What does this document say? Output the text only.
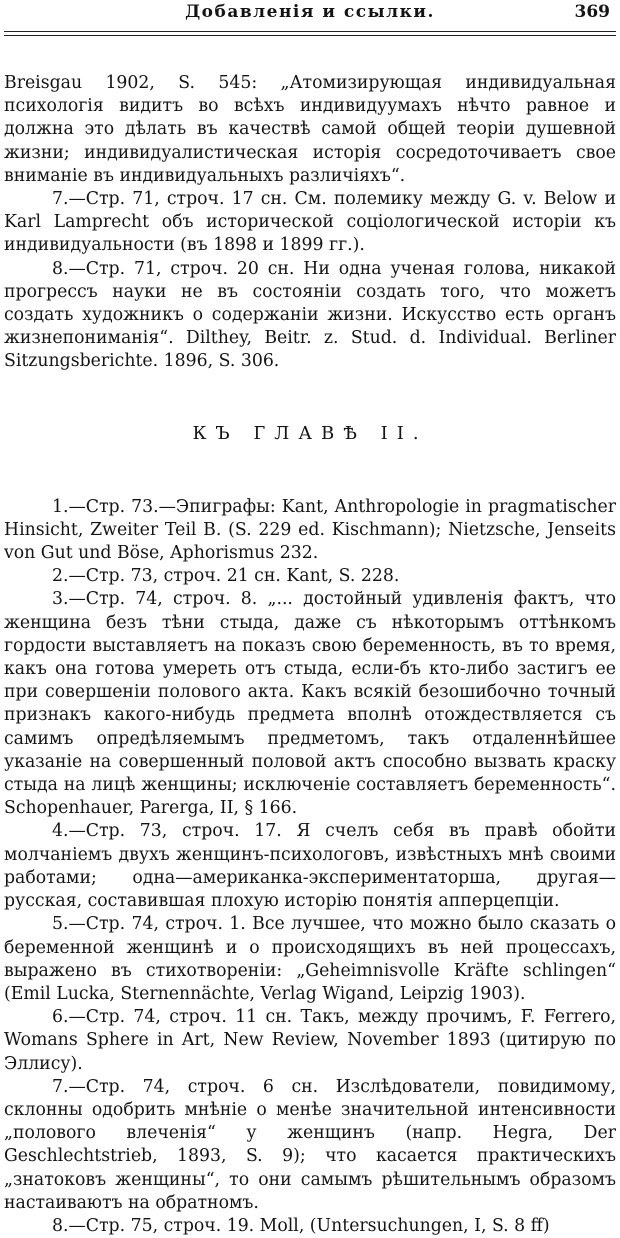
Добавленія и ссылки.	369

Breisgau 1902, S. 545: „Атомизирующая индивидуальная психологія видитъ во всѣхъ индивидуумахъ нѣчто равное и должна это дѣлать въ качествѣ самой общей теоріи душевной жизни; индивидуалистическая исторія сосредоточиваетъ свое вниманіе въ индивидуальныхъ различіяхъ“.

7.—Стр. 71, строч. 17 сн. См. полемику между G. v. Below и Karl Lamprecht объ исторической соціологической исторіи къ индивидуальности (въ 1898 и 1899 гг.).

8.—Стр. 71, строч. 20 сн. Ни одна ученая голова, никакой прогрессъ науки не въ состояніи создать того, что можетъ создать художникъ о содержаніи жизни. Искусство есть органъ жизнепониманія“. Dilthey, Beitr. z. Stud. d. Individual. Berliner Sitzungsberichte. 1896, S. 306.

КЪ ГЛАВѢ II.

1.—Стр. 73.—Эпиграфы: Kant, Anthropologie in pragmatischer Hinsicht, Zweiter Teil B. (S. 229 ed. Kischmann); Nietzsche, Jenseits von Gut und Böse, Aphorismus 232.

2.—Стр. 73, строч. 21 сн. Kant, S. 228.

3.—Стр. 74, строч. 8. „... достойный удивленія фактъ, что женщина безъ тѣни стыда, даже съ нѣкоторымъ оттѣнкомъ гордости выставляетъ на показъ свою беременность, въ то время, какъ она готова умереть отъ стыда, если-бъ кто-либо застигъ ее при совершеніи полового акта. Какъ всякій безошибочно точный признакъ какого-нибудь предмета вполнѣ отождествляется съ самимъ опредѣляемымъ предметомъ, такъ отдаленнѣйшее указаніе на совершенный половой актъ способно вызвать краску стыда на лицѣ женщины; исключеніе составляетъ беременность“. Schopenhauer, Parerga, II, § 166.

4.—Стр. 73, строч. 17. Я счелъ себя въ правѣ обойти молчаніемъ двухъ женщинъ-психологовъ, извѣстныхъ мнѣ своими работами; одна—американка-экспериментаторша, другая—русская, составившая плохую исторію понятія апперцепціи.

5.—Стр. 74, строч. 1. Все лучшее, что можно было сказать о беременной женщинѣ и о происходящихъ въ ней процессахъ, выражено въ стихотвореніи: „Geheimnisvolle Kräfte schlingen“ (Emil Lucka, Sternennächte, Verlag Wigand, Leipzig 1903).

6.—Стр. 74, строч. 11 сн. Такъ, между прочимъ, F. Ferrero, Womans Sphere in Art, New Review, November 1893 (цитирую по Эллису).

7.—Стр. 74, строч. 6 сн. Изслѣдователи, повидимому, склонны одобрить мнѣніе о менѣе значительной интенсивности „полового влеченія“ у женщинъ (напр. Hegra, Der Geschlechtstrieb, 1893, S. 9); что касается практическихъ „знатоковъ женщины“, то они самымъ рѣшительнымъ образомъ настаиваютъ на обратномъ.

8.—Стр. 75, строч. 19. Moll, (Untersuchungen, I, S. 8 ff)
